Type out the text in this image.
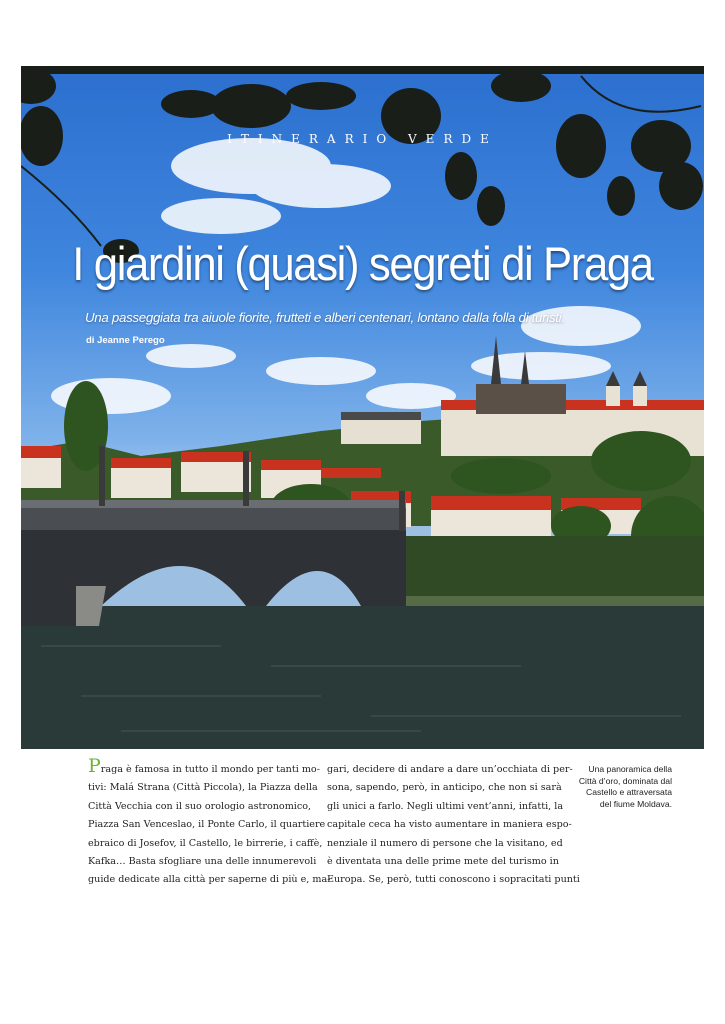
ITINERARIO VERDE
I giardini (quasi) segreti di Praga
Una passeggiata tra aiuole fiorite, frutteti e alberi centenari, lontano dalla folla di turisti.
di Jeanne Perego
Praga è famosa in tutto il mondo per tanti mo-
tivi: Malá Strana (Città Piccola), la Piazza della
Città Vecchia con il suo orologio astronomico,
Piazza San Venceslao, il Ponte Carlo, il quartiere
ebraico di Josefov, il Castello, le birrerie, i caffè,
Kafka… Basta sfogliare una delle innumerevoli
guide dedicate alla città per saperne di più e, ma-
gari, decidere di andare a dare un’occhiata di per-
sona, sapendo, però, in anticipo, che non si sarà
gli unici a farlo. Negli ultimi vent’anni, infatti, la
capitale ceca ha visto aumentare in maniera espo-
nenziale il numero di persone che la visitano, ed
è diventata una delle prime mete del turismo in
Europa. Se, però, tutti conoscono i sopracitati punti
Una panoramica della
Città d’oro, dominata dal
Castello e attraversata
del fiume Moldava.
